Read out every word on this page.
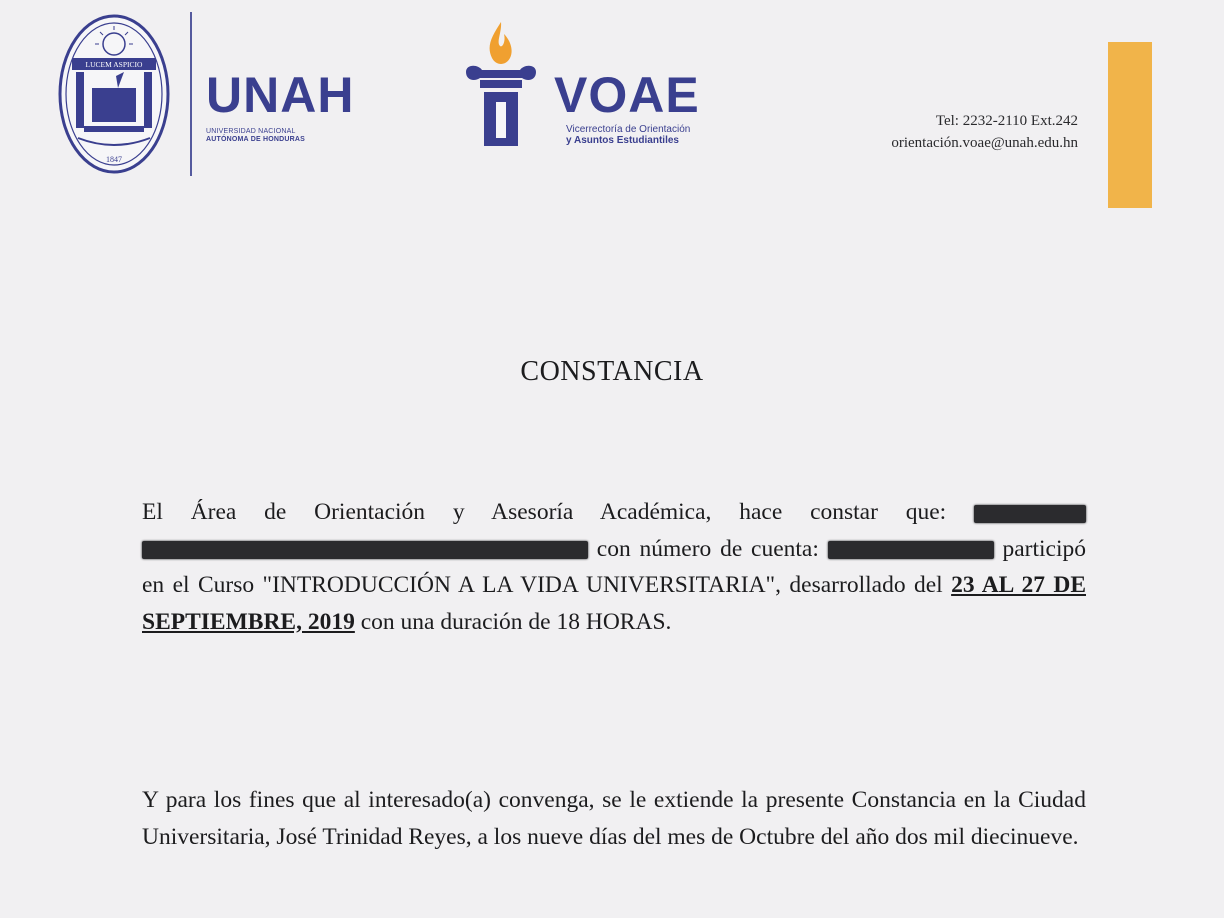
LUCEM ASPICIO
1847
UNAH
UNIVERSIDAD NACIONAL
AUTÓNOMA DE HONDURAS
VOAE
Vicerrectoría de Orientación
y Asuntos Estudiantiles
Tel: 2232-2110 Ext.242
orientación.voae@unah.edu.hn
CONSTANCIA
El Área de Orientación y Asesoría Académica, hace constar que:   con número de cuenta:	participó en el Curso "INTRODUCCIÓN A LA VIDA UNIVERSITARIA", desarrollado del 23 AL 27 DE SEPTIEMBRE, 2019 con una duración de 18 HORAS.
Y para los fines que al interesado(a) convenga, se le extiende la presente Constancia en la Ciudad Universitaria, José Trinidad Reyes, a los nueve días del mes de Octubre del año dos mil diecinueve.
